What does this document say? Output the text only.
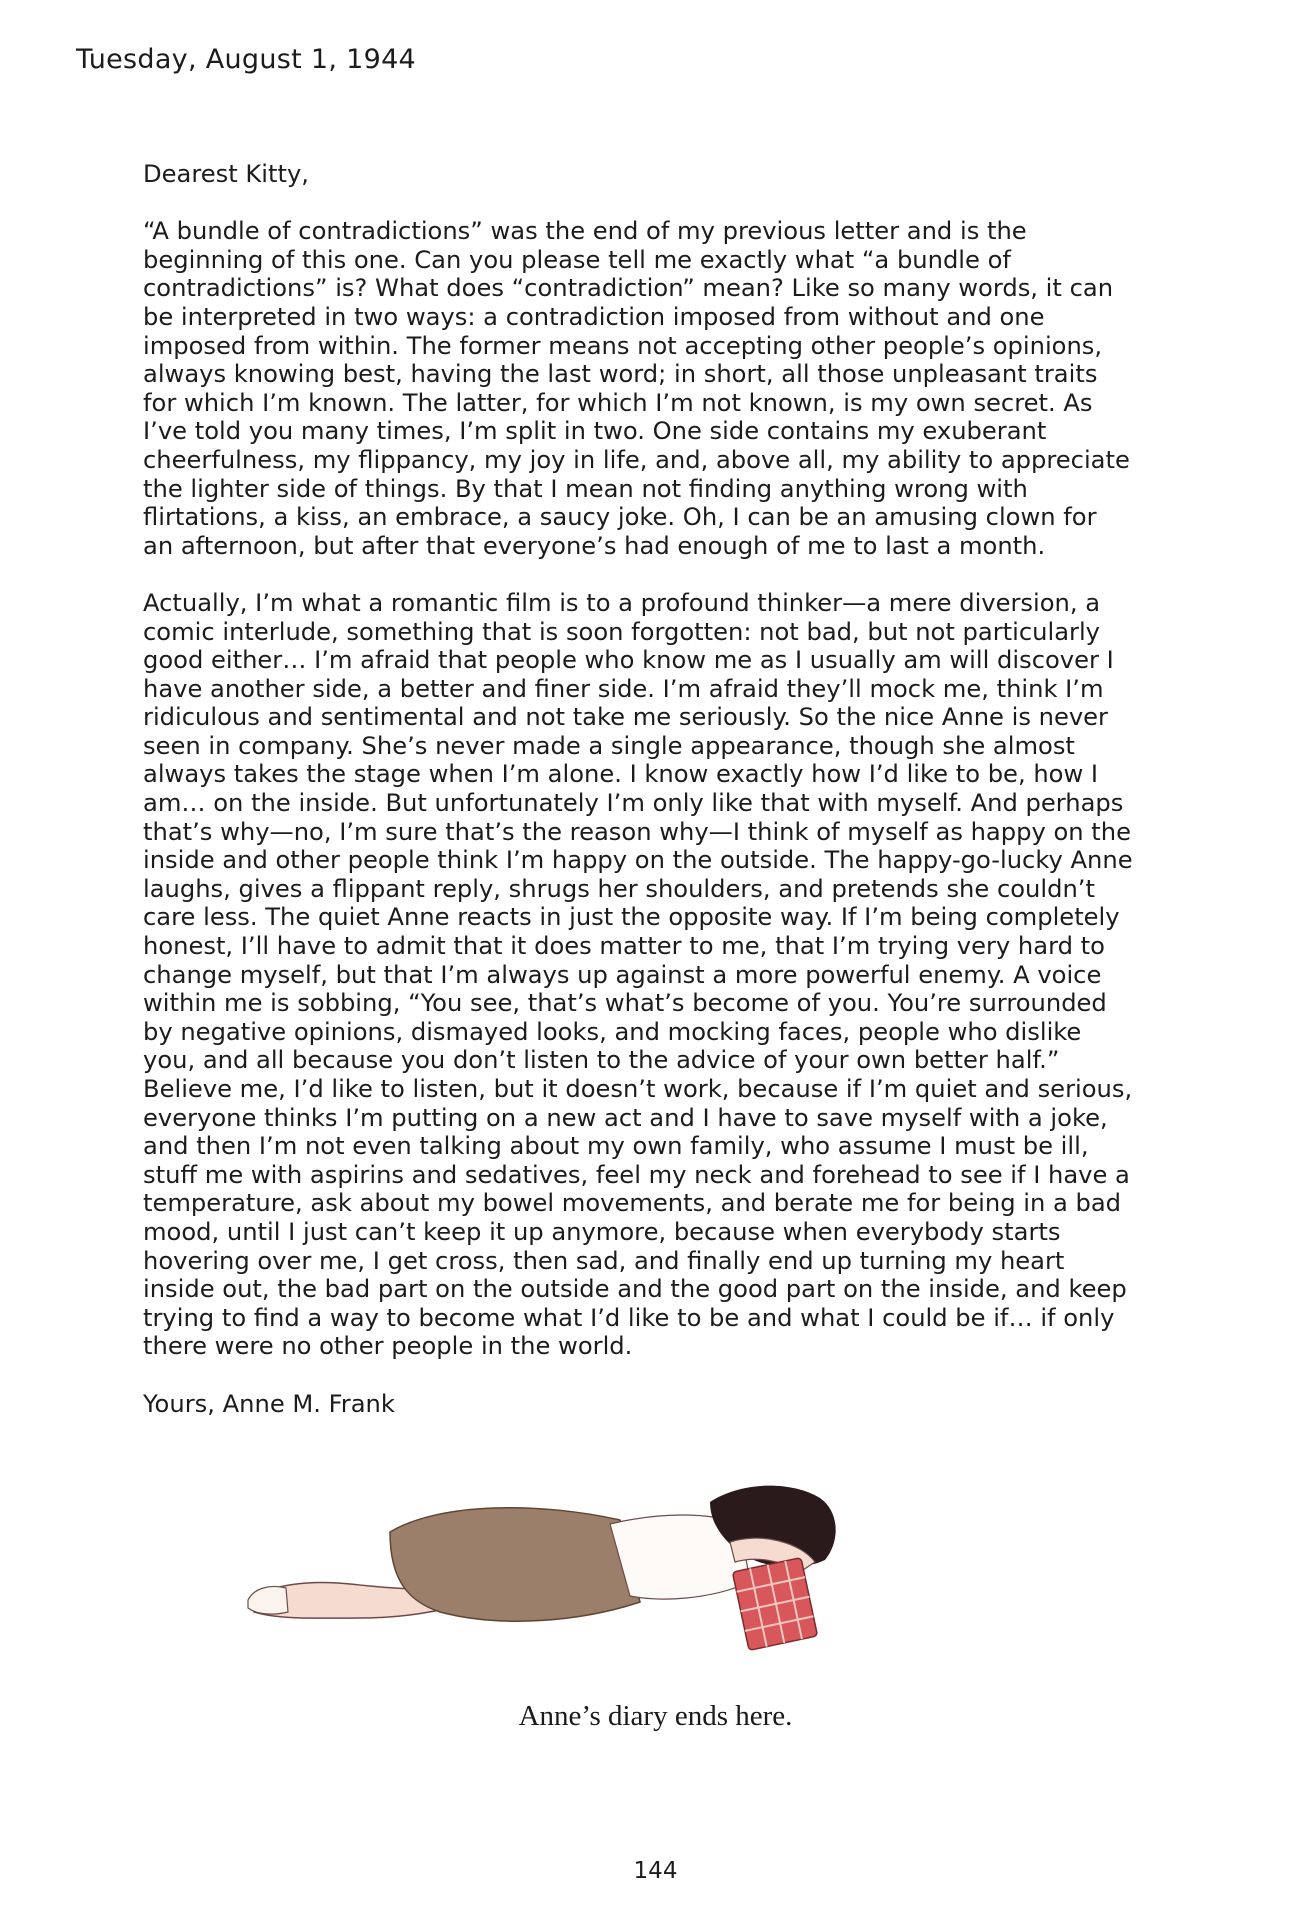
Tuesday, August 1, 1944

Dearest Kitty,

“A bundle of contradictions” was the end of my previous letter and is the beginning of this one. Can you please tell me exactly what “a bundle of contradictions” is? What does “contradiction” mean? Like so many words, it can be interpreted in two ways: a contradiction imposed from without and one imposed from within. The former means not accepting other people’s opinions, always knowing best, having the last word; in short, all those unpleasant traits for which I’m known. The latter, for which I’m not known, is my own secret. As I’ve told you many times, I’m split in two. One side contains my exuberant cheerfulness, my flippancy, my joy in life, and, above all, my ability to appreciate the lighter side of things. By that I mean not finding anything wrong with flirtations, a kiss, an embrace, a saucy joke. Oh, I can be an amusing clown for an afternoon, but after that everyone’s had enough of me to last a month.

Actually, I’m what a romantic film is to a profound thinker—a mere diversion, a comic interlude, something that is soon forgotten: not bad, but not particularly good either… I’m afraid that people who know me as I usually am will discover I have another side, a better and finer side. I’m afraid they’ll mock me, think I’m ridiculous and sentimental and not take me seriously. So the nice Anne is never seen in company. She’s never made a single appearance, though she almost always takes the stage when I’m alone. I know exactly how I’d like to be, how I am… on the inside. But unfortunately I’m only like that with myself. And perhaps that’s why—no, I’m sure that’s the reason why—I think of myself as happy on the inside and other people think I’m happy on the outside. The happy-go-lucky Anne laughs, gives a flippant reply, shrugs her shoulders, and pretends she couldn’t care less. The quiet Anne reacts in just the opposite way. If I’m being completely honest, I’ll have to admit that it does matter to me, that I’m trying very hard to change myself, but that I’m always up against a more powerful enemy. A voice within me is sobbing, “You see, that’s what’s become of you. You’re surrounded by negative opinions, dismayed looks, and mocking faces, people who dislike you, and all because you don’t listen to the advice of your own better half.” Believe me, I’d like to listen, but it doesn’t work, because if I’m quiet and serious, everyone thinks I’m putting on a new act and I have to save myself with a joke, and then I’m not even talking about my own family, who assume I must be ill, stuff me with aspirins and sedatives, feel my neck and forehead to see if I have a temperature, ask about my bowel movements, and berate me for being in a bad mood, until I just can’t keep it up anymore, because when everybody starts hovering over me, I get cross, then sad, and finally end up turning my heart inside out, the bad part on the outside and the good part on the inside, and keep trying to find a way to become what I’d like to be and what I could be if… if only there were no other people in the world.

Yours, Anne M. Frank

Anne’s diary ends here.
144
